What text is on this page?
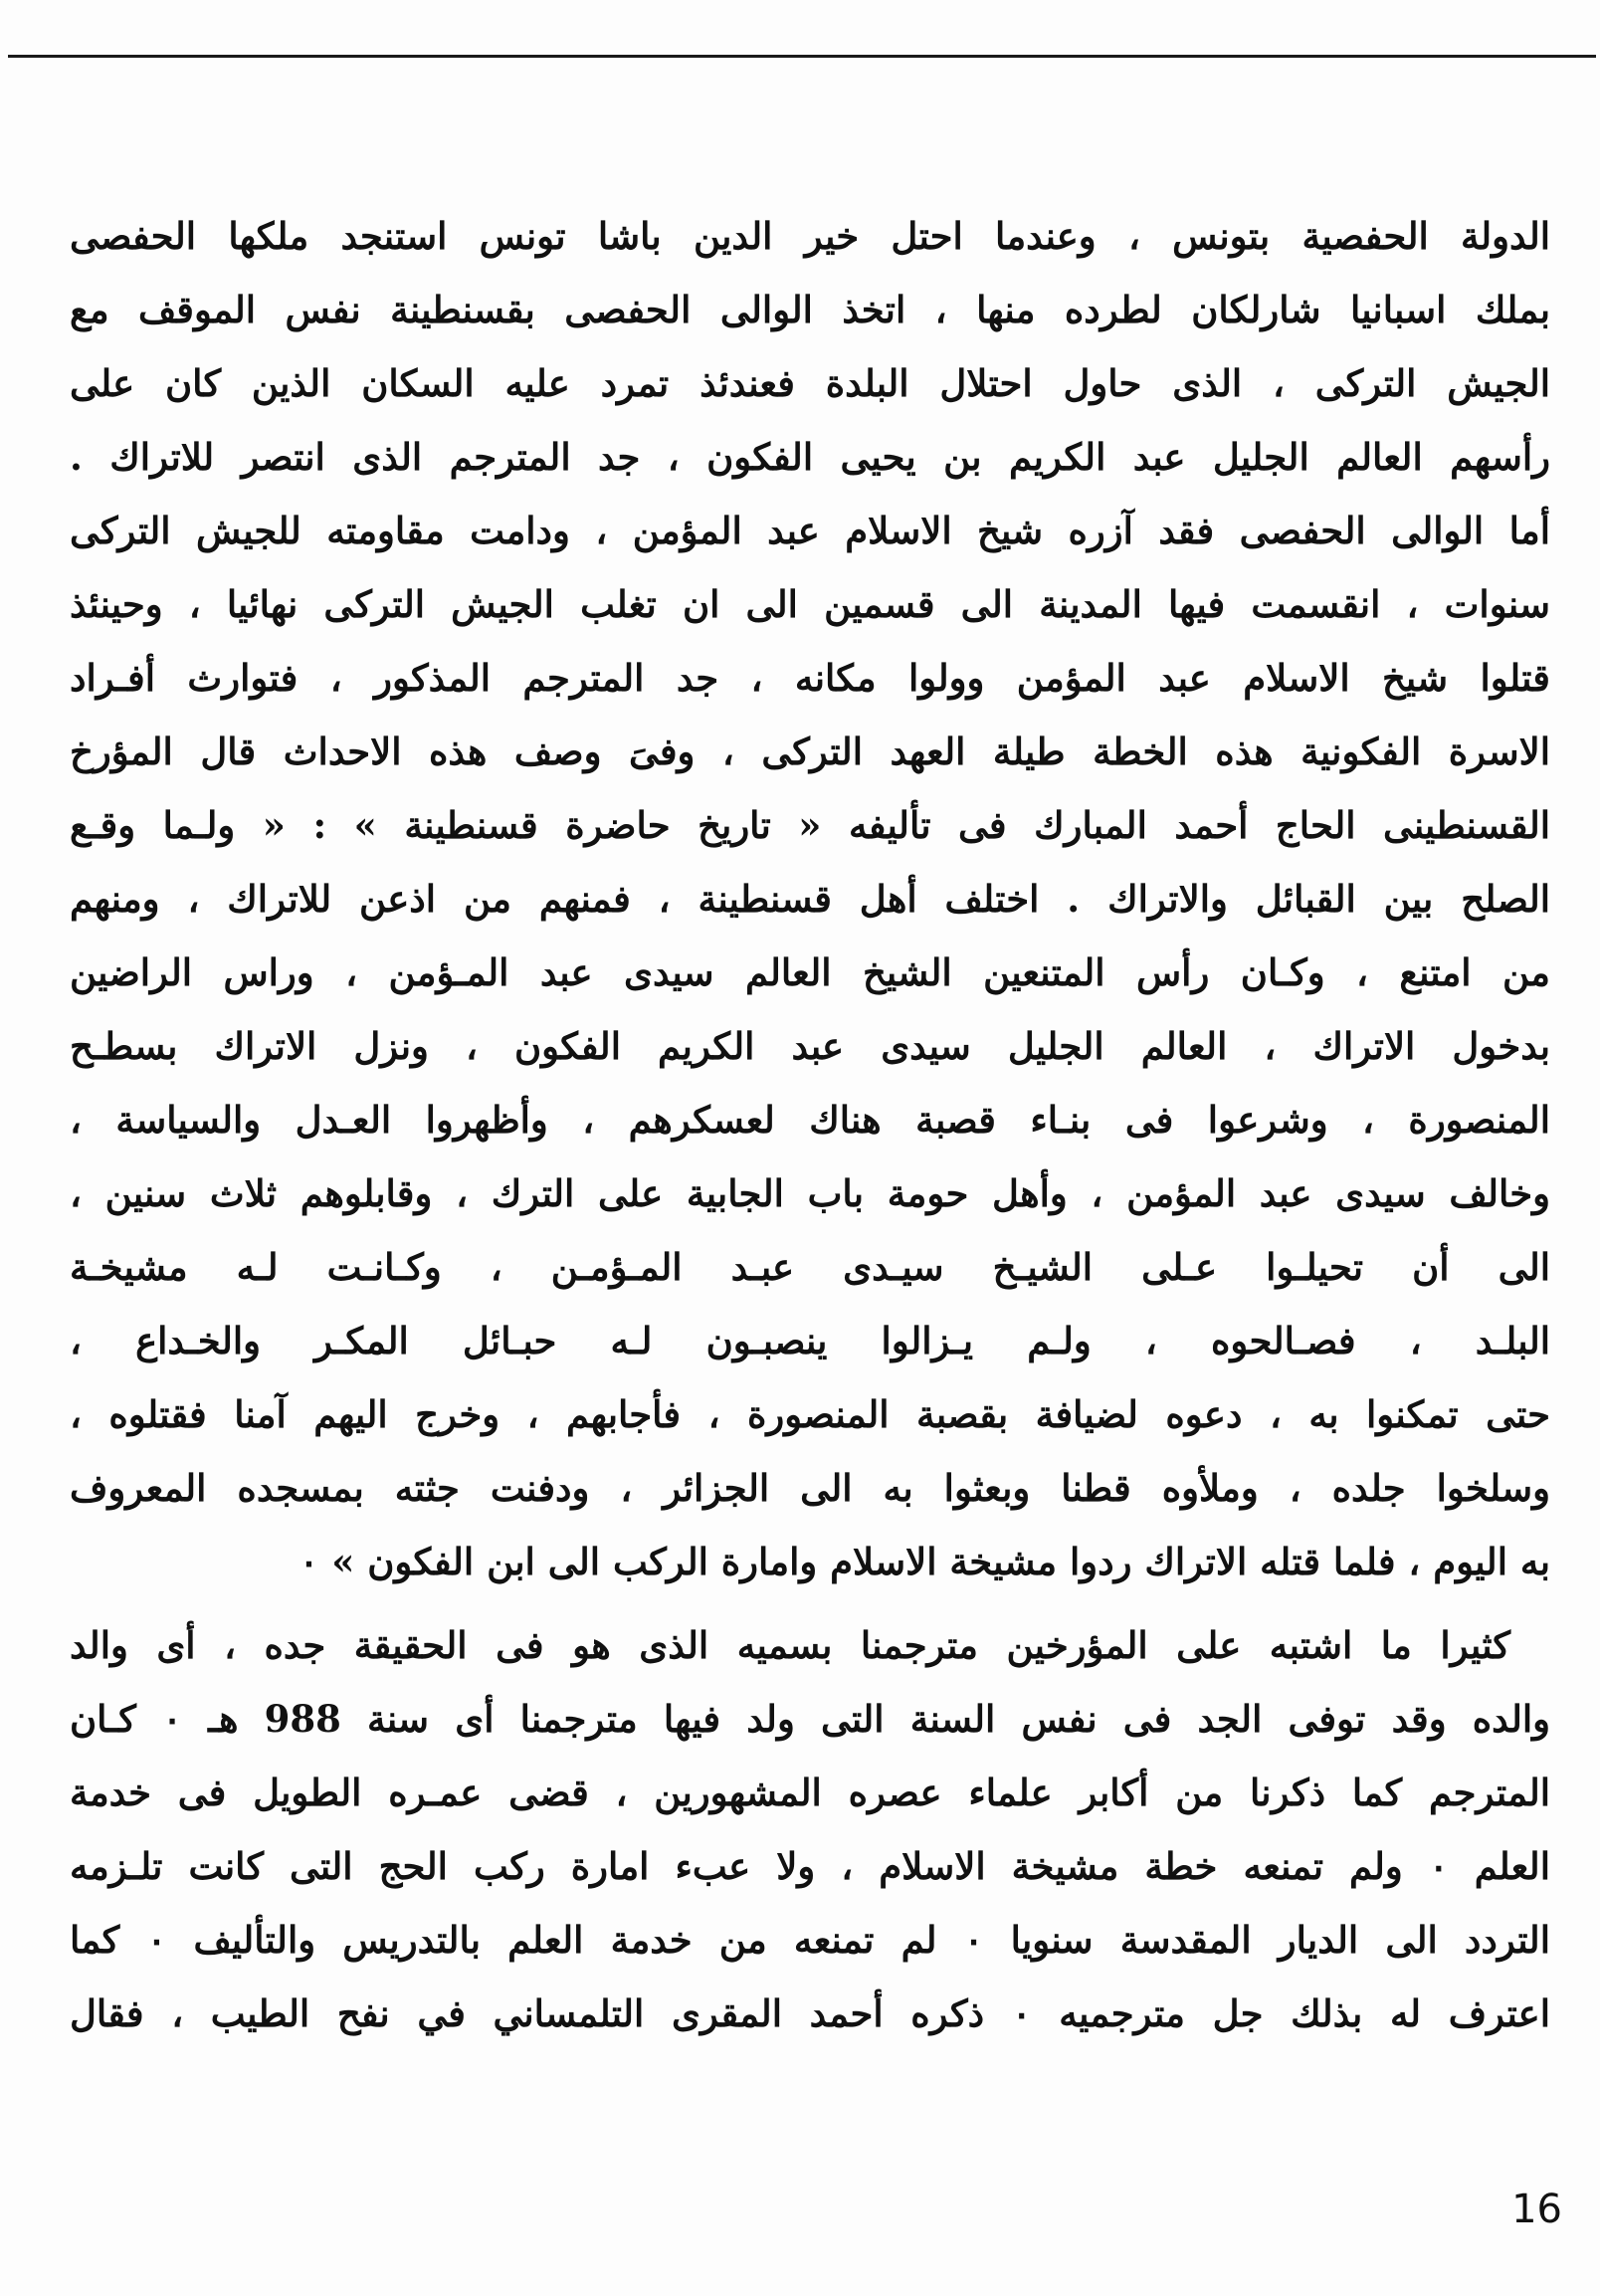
الدولة الحفصية بتونس ، وعندما احتل خير الدين باشا تونس استنجد ملكها الحفصى
بملك اسبانيا شارلكان لطرده منها ، اتخذ الوالى الحفصى بقسنطينة نفس الموقف مع
الجيش التركى ، الذى حاول احتلال البلدة فعندئذ تمرد عليه السكان الذين كان على
رأسهم العالم الجليل عبد الكريم بن يحيى الفكون ، جد المترجم الذى انتصر للاتراك .
أما الوالى الحفصى فقد آزره شيخ الاسلام عبد المؤمن ، ودامت مقاومته للجيش التركى
سنوات ، انقسمت فيها المدينة الى قسمين الى ان تغلب الجيش التركى نهائيا ، وحينئذ
قتلوا شيخ الاسلام عبد المؤمن وولوا مكانه ، جد المترجم المذكور ، فتوارث أفـراد
الاسرة الفكونية هذه الخطة طيلة العهد التركى ، وفىَ وصف هذه الاحداث قال المؤرخ
القسنطينى الحاج أحمد المبارك فى تأليفه « تاريخ حاضرة قسنطينة » : « ولـما وقـع
الصلح بين القبائل والاتراك . اختلف أهل قسنطينة ، فمنهم من اذعن للاتراك ، ومنهم
من امتنع ، وكـان رأس المتنعين الشيخ العالم سيدى عبد المـؤمن ، وراس الراضين
بدخول الاتراك ، العالم الجليل سيدى عبد الكريم الفكون ، ونزل الاتراك بسطـح
المنصورة ، وشرعوا فى بنـاء قصبة هناك لعسكرهم ، وأظهروا العـدل والسياسة ،
وخالف سيدى عبد المؤمن ، وأهل حومة باب الجابية على الترك ، وقابلوهم ثلاث سنين ،
الى أن تحيلـوا عـلى الشيـخ سيـدى عبـد المـؤمـن ، وكـانـت لـه مشيخـة
البلـد ، فصـالحوه ، ولـم يـزالوا ينصبـون لـه حبـائل المكـر والخـداع ،
حتى تمكنوا به ، دعوه لضيافة بقصبة المنصورة ، فأجابهم ، وخرج اليهم آمنا فقتلوه ،
وسلخوا جلده ، وملأوه قطنا وبعثوا به الى الجزائر ، ودفنت جثته بمسجده المعروف
به اليوم ، فلما قتله الاتراك ردوا مشيخة الاسلام وامارة الركب الى ابن الفكون » ٠
كثيرا ما اشتبه على المؤرخين مترجمنا بسميه الذى هو فى الحقيقة جده ، أى والد
والده وقد توفى الجد فى نفس السنة التى ولد فيها مترجمنا أى سنة 988 هـ ٠ كـان
المترجم كما ذكرنا من أكابر علماء عصره المشهورين ، قضى عمـره الطويل فى خدمة
العلم ٠ ولم تمنعه خطة مشيخة الاسلام ، ولا عبء امارة ركب الحج التى كانت تلـزمه
التردد الى الديار المقدسة سنويا ٠ لم تمنعه من خدمة العلم بالتدريس والتأليف ٠ كما
اعترف له بذلك جل مترجميه ٠ ذكره أحمد المقرى التلمساني في نفح الطيب ، فقال
16
